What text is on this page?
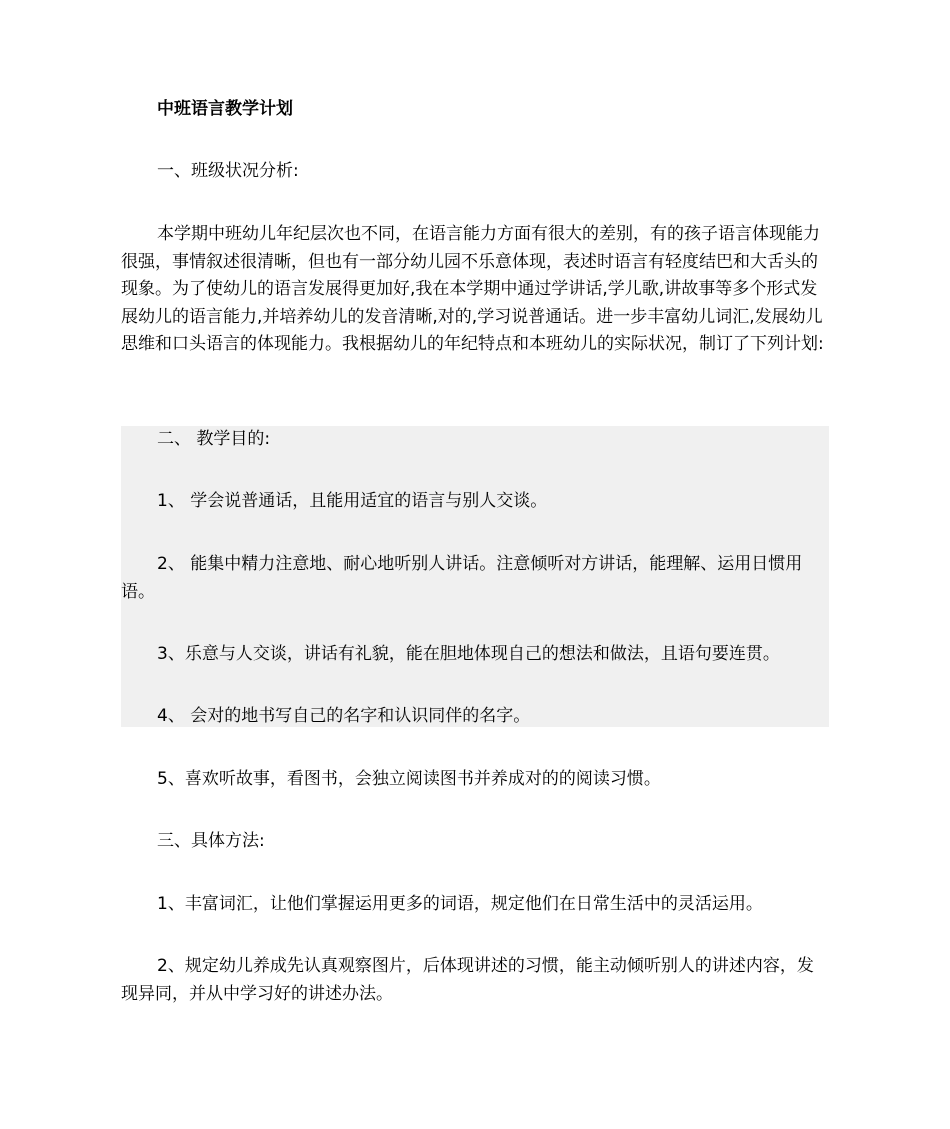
中班语言教学计划

一、班级状况分析:

本学期中班幼儿年纪层次也不同，在语言能力方面有很大的差别，有的孩子语言体现能力很强，事情叙述很清晰，但也有一部分幼儿园不乐意体现，表述时语言有轻度结巴和大舌头的现象。为了使幼儿的语言发展得更加好,我在本学期中通过学讲话,学儿歌,讲故事等多个形式发展幼儿的语言能力,并培养幼儿的发音清晰,对的,学习说普通话。进一步丰富幼儿词汇,发展幼儿思维和口头语言的体现能力。我根据幼儿的年纪特点和本班幼儿的实际状况，制订了下列计划:

二、 教学目的:

1、 学会说普通话，且能用适宜的语言与别人交谈。

2、 能集中精力注意地、耐心地听别人讲话。注意倾听对方讲话，能理解、运用日惯用语。

3、乐意与人交谈，讲话有礼貌，能在胆地体现自己的想法和做法，且语句要连贯。

4、 会对的地书写自己的名字和认识同伴的名字。

5、喜欢听故事，看图书，会独立阅读图书并养成对的的阅读习惯。

三、具体方法:

1、丰富词汇，让他们掌握运用更多的词语，规定他们在日常生活中的灵活运用。

2、规定幼儿养成先认真观察图片，后体现讲述的习惯，能主动倾听别人的讲述内容，发现异同，并从中学习好的讲述办法。
